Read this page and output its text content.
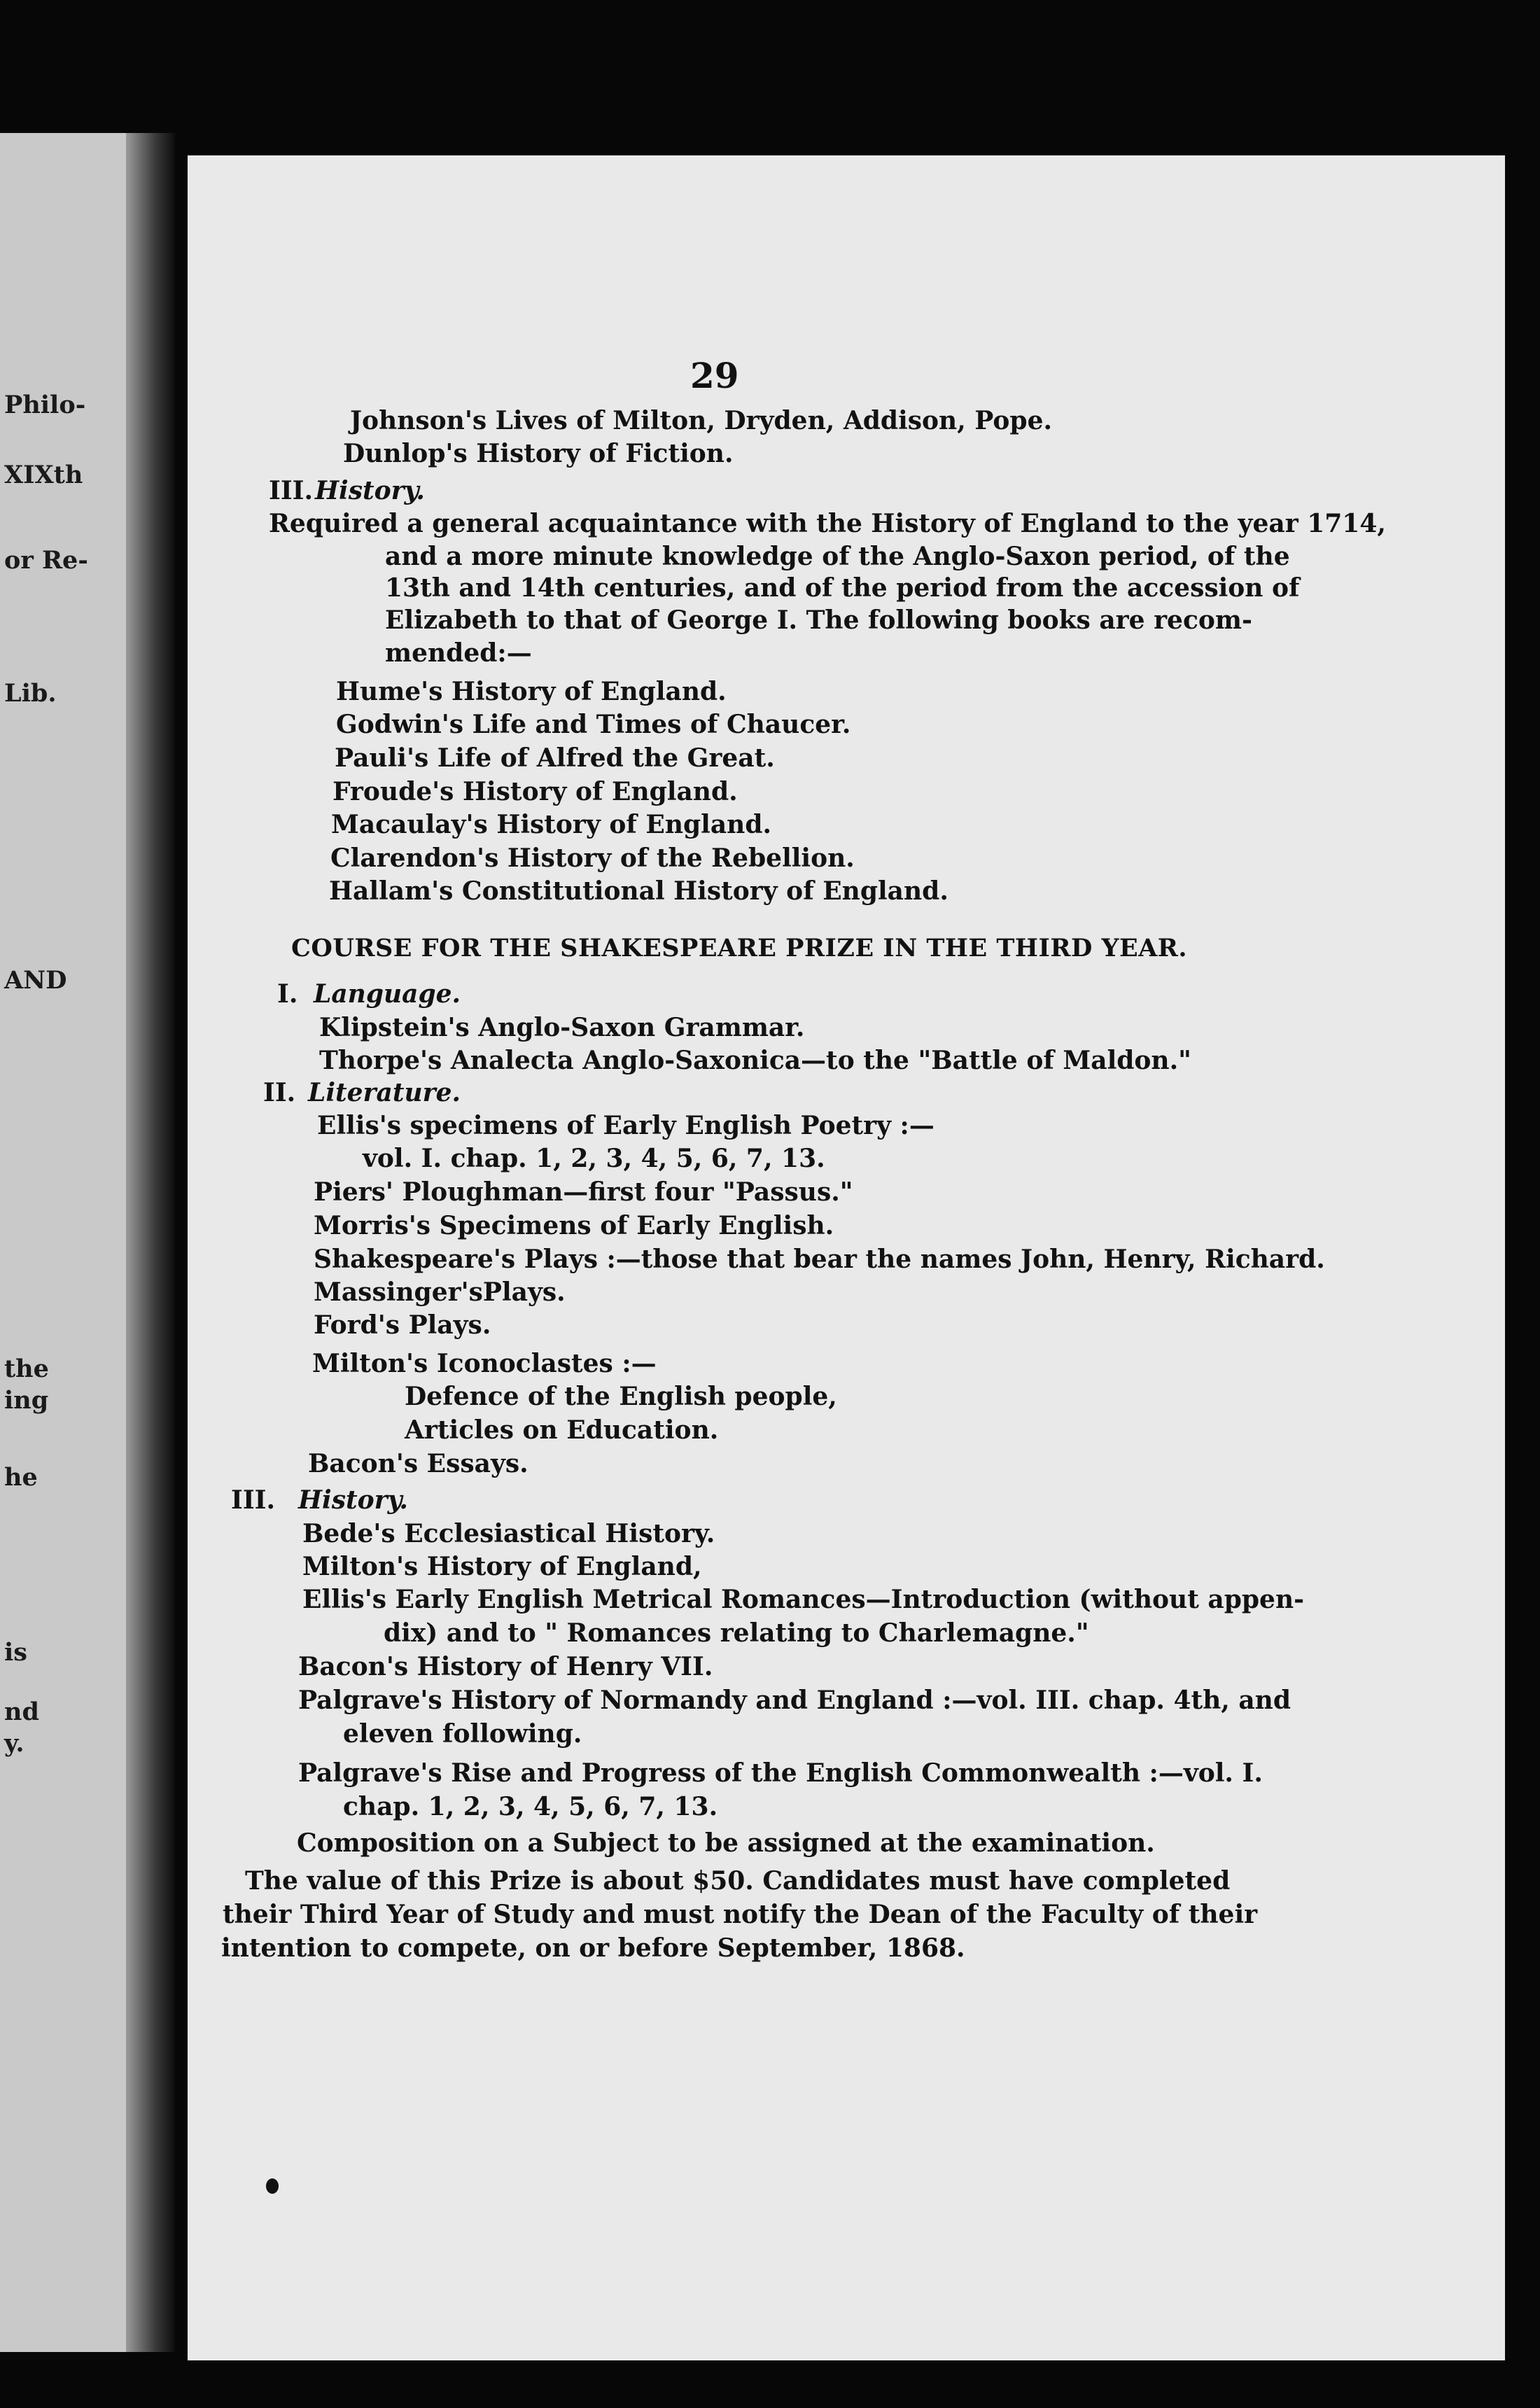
Philo-
XIXth
or Re-
Lib.
AND
the
ing
he
is
nd
y.
29
Johnson's Lives of Milton, Dryden, Addison, Pope.
Dunlop's History of Fiction.
III. History.
Required a general acquaintance with the History of England to the year 1714,
and a more minute knowledge of the Anglo-Saxon period, of the
13th and 14th centuries, and of the period from the accession of
Elizabeth to that of George I. The following books are recom-
mended:—
Hume's History of England.
Godwin's Life and Times of Chaucer.
Pauli's Life of Alfred the Great.
Froude's History of England.
Macaulay's History of England.
Clarendon's History of the Rebellion.
Hallam's Constitutional History of England.
COURSE FOR THE SHAKESPEARE PRIZE IN THE THIRD YEAR.
I. Language.
Klipstein's Anglo-Saxon Grammar.
Thorpe's Analecta Anglo-Saxonica—to the "Battle of Maldon."
II. Literature.
Ellis's specimens of Early English Poetry :—
vol. I. chap. 1, 2, 3, 4, 5, 6, 7, 13.
Piers' Ploughman—first four "Passus."
Morris's Specimens of Early English.
Shakespeare's Plays :—those that bear the names John, Henry, Richard.
Massinger'sPlays.
Ford's Plays.
Milton's Iconoclastes :—
Defence of the English people,
Articles on Education.
Bacon's Essays.
III. History.
Bede's Ecclesiastical History.
Milton's History of England,
Ellis's Early English Metrical Romances—Introduction (without appen-
dix) and to " Romances relating to Charlemagne."
Bacon's History of Henry VII.
Palgrave's History of Normandy and England :—vol. III. chap. 4th, and
eleven following.
Palgrave's Rise and Progress of the English Commonwealth :—vol. I.
chap. 1, 2, 3, 4, 5, 6, 7, 13.
Composition on a Subject to be assigned at the examination.
The value of this Prize is about $50. Candidates must have completed
their Third Year of Study and must notify the Dean of the Faculty of their
intention to compete, on or before September, 1868.
